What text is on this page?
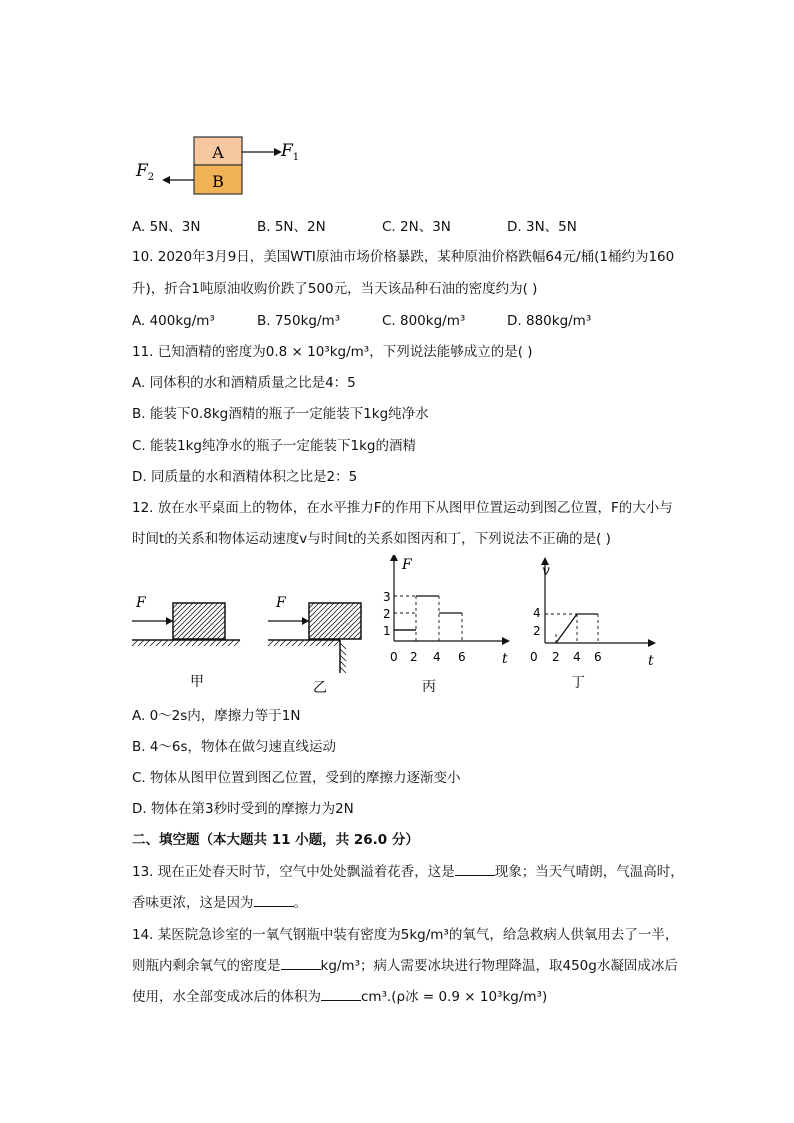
A
B
$F_1$
$F_2$
A. 5N、3N	B. 5N、2N	C. 2N、3N	D. 3N、5N
10. 2020年3月9日，美国WTI原油市场价格暴跌，某种原油价格跌幅64元/桶(1桶约为160
升)，折合1吨原油收购价跌了500元，当天该品种石油的密度约为( )
A. 400kg/m³	B. 750kg/m³	C. 800kg/m³	D. 880kg/m³
11. 已知酒精的密度为0.8 × 10³kg/m³，下列说法能够成立的是( )
A. 同体积的水和酒精质量之比是4：5
B. 能装下0.8kg酒精的瓶子一定能装下1kg纯净水
C. 能装1kg纯净水的瓶子一定能装下1kg的酒精
D. 同质量的水和酒精体积之比是2：5
12. 放在水平桌面上的物体，在水平推力F的作用下从图甲位置运动到图乙位置，F的大小与
时间t的关系和物体运动速度v与时间t的关系如图丙和丁，下列说法不正确的是( )
F
甲
F
乙
F
t
3
2
1
0 2 4 6
丙
v
t
4
2
0 2 4 6
丁
A. 0～2s内，摩擦力等于1N
B. 4～6s，物体在做匀速直线运动
C. 物体从图甲位置到图乙位置，受到的摩擦力逐渐变小
D. 物体在第3秒时受到的摩擦力为2N
二、填空题（本大题共 11 小题，共 26.0 分）
13. 现在正处春天时节，空气中处处飘溢着花香，这是	现象；当天气晴朗，气温高时，
香味更浓，这是因为	。
14. 某医院急诊室的一氧气钢瓶中装有密度为5kg/m³的氧气，给急救病人供氧用去了一半，
则瓶内剩余氧气的密度是	kg/m³；病人需要冰块进行物理降温，取450g水凝固成冰后
使用，水全部变成冰后的体积为	cm³.(ρ冰 = 0.9 × 10³kg/m³)
